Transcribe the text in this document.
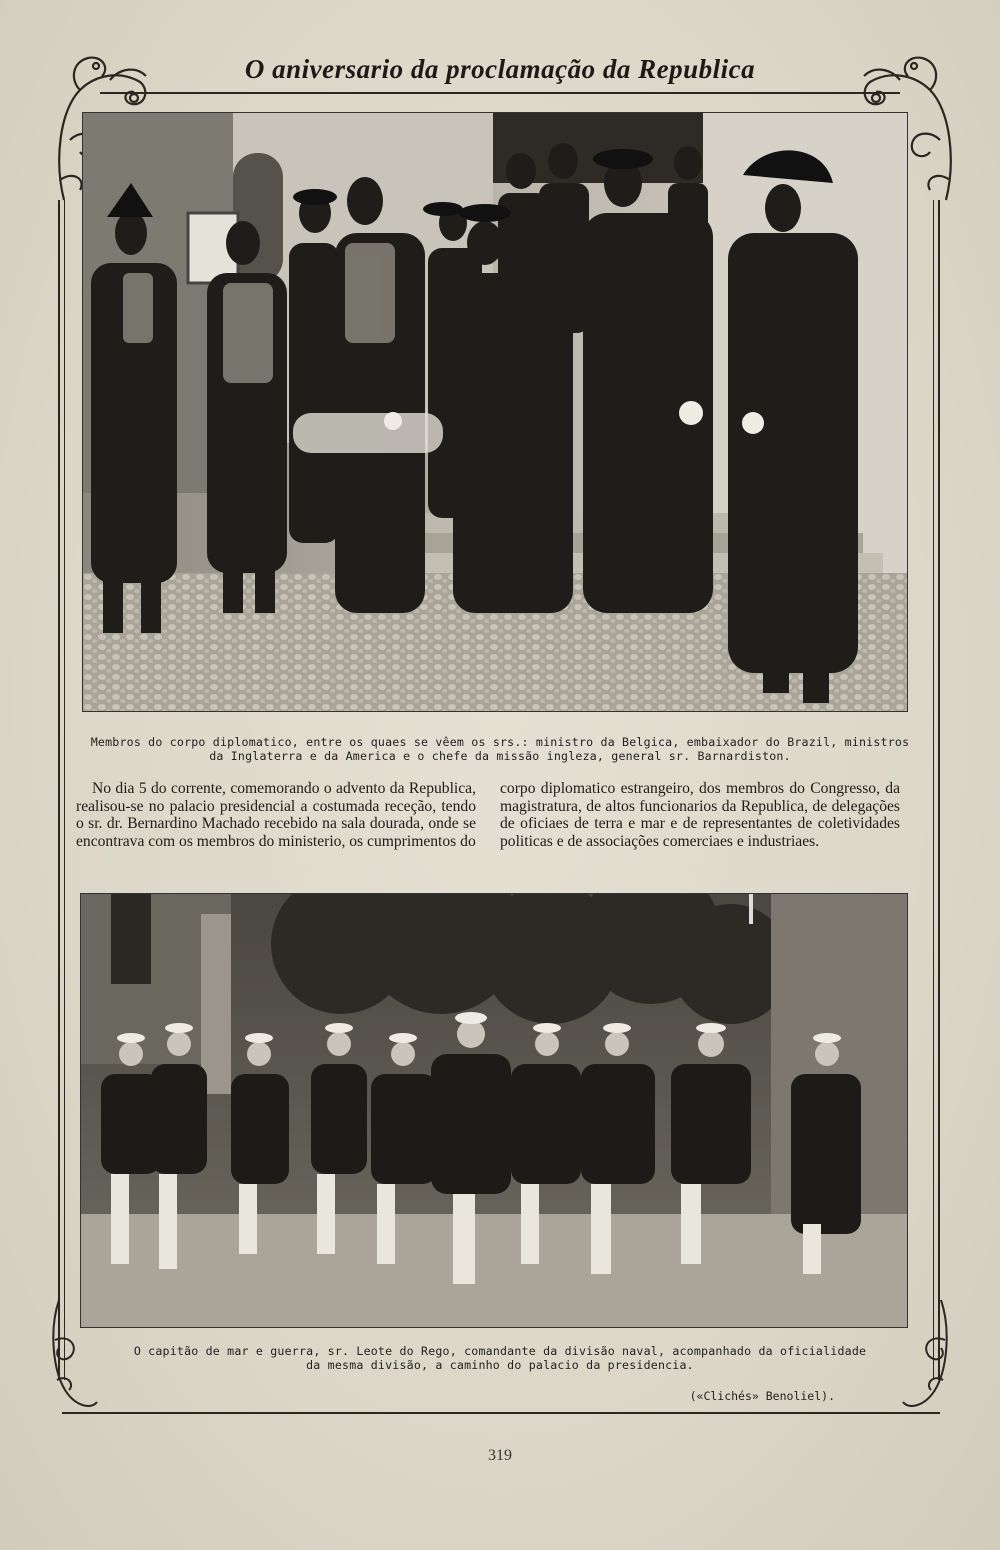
O aniversario da proclamação da Republica
Membros do corpo diplomatico, entre os quaes se vêem os srs.: ministro da Belgica, embaixador do Brazil, ministros
da Inglaterra e da America e o chefe da missão ingleza, general sr. Barnardiston.
No dia 5 do corrente, comemorando o advento da Republica, realisou-se no palacio presidencial a costumada receção, tendo o sr. dr. Bernardino Machado recebido na sala dourada, onde se encontrava com os membros do ministerio, os cumprimentos do
corpo diplomatico estrangeiro, dos membros do Congresso, da magistratura, de altos funcionarios da Republica, de delegações de oficiaes de terra e mar e de representantes de coletividades politicas e de associações comerciaes e industriaes.
O capitão de mar e guerra, sr. Leote do Rego, comandante da divisão naval, acompanhado da oficialidade
da mesma divisão, a caminho do palacio da presidencia.
(«Clichés» Benoliel).
319
